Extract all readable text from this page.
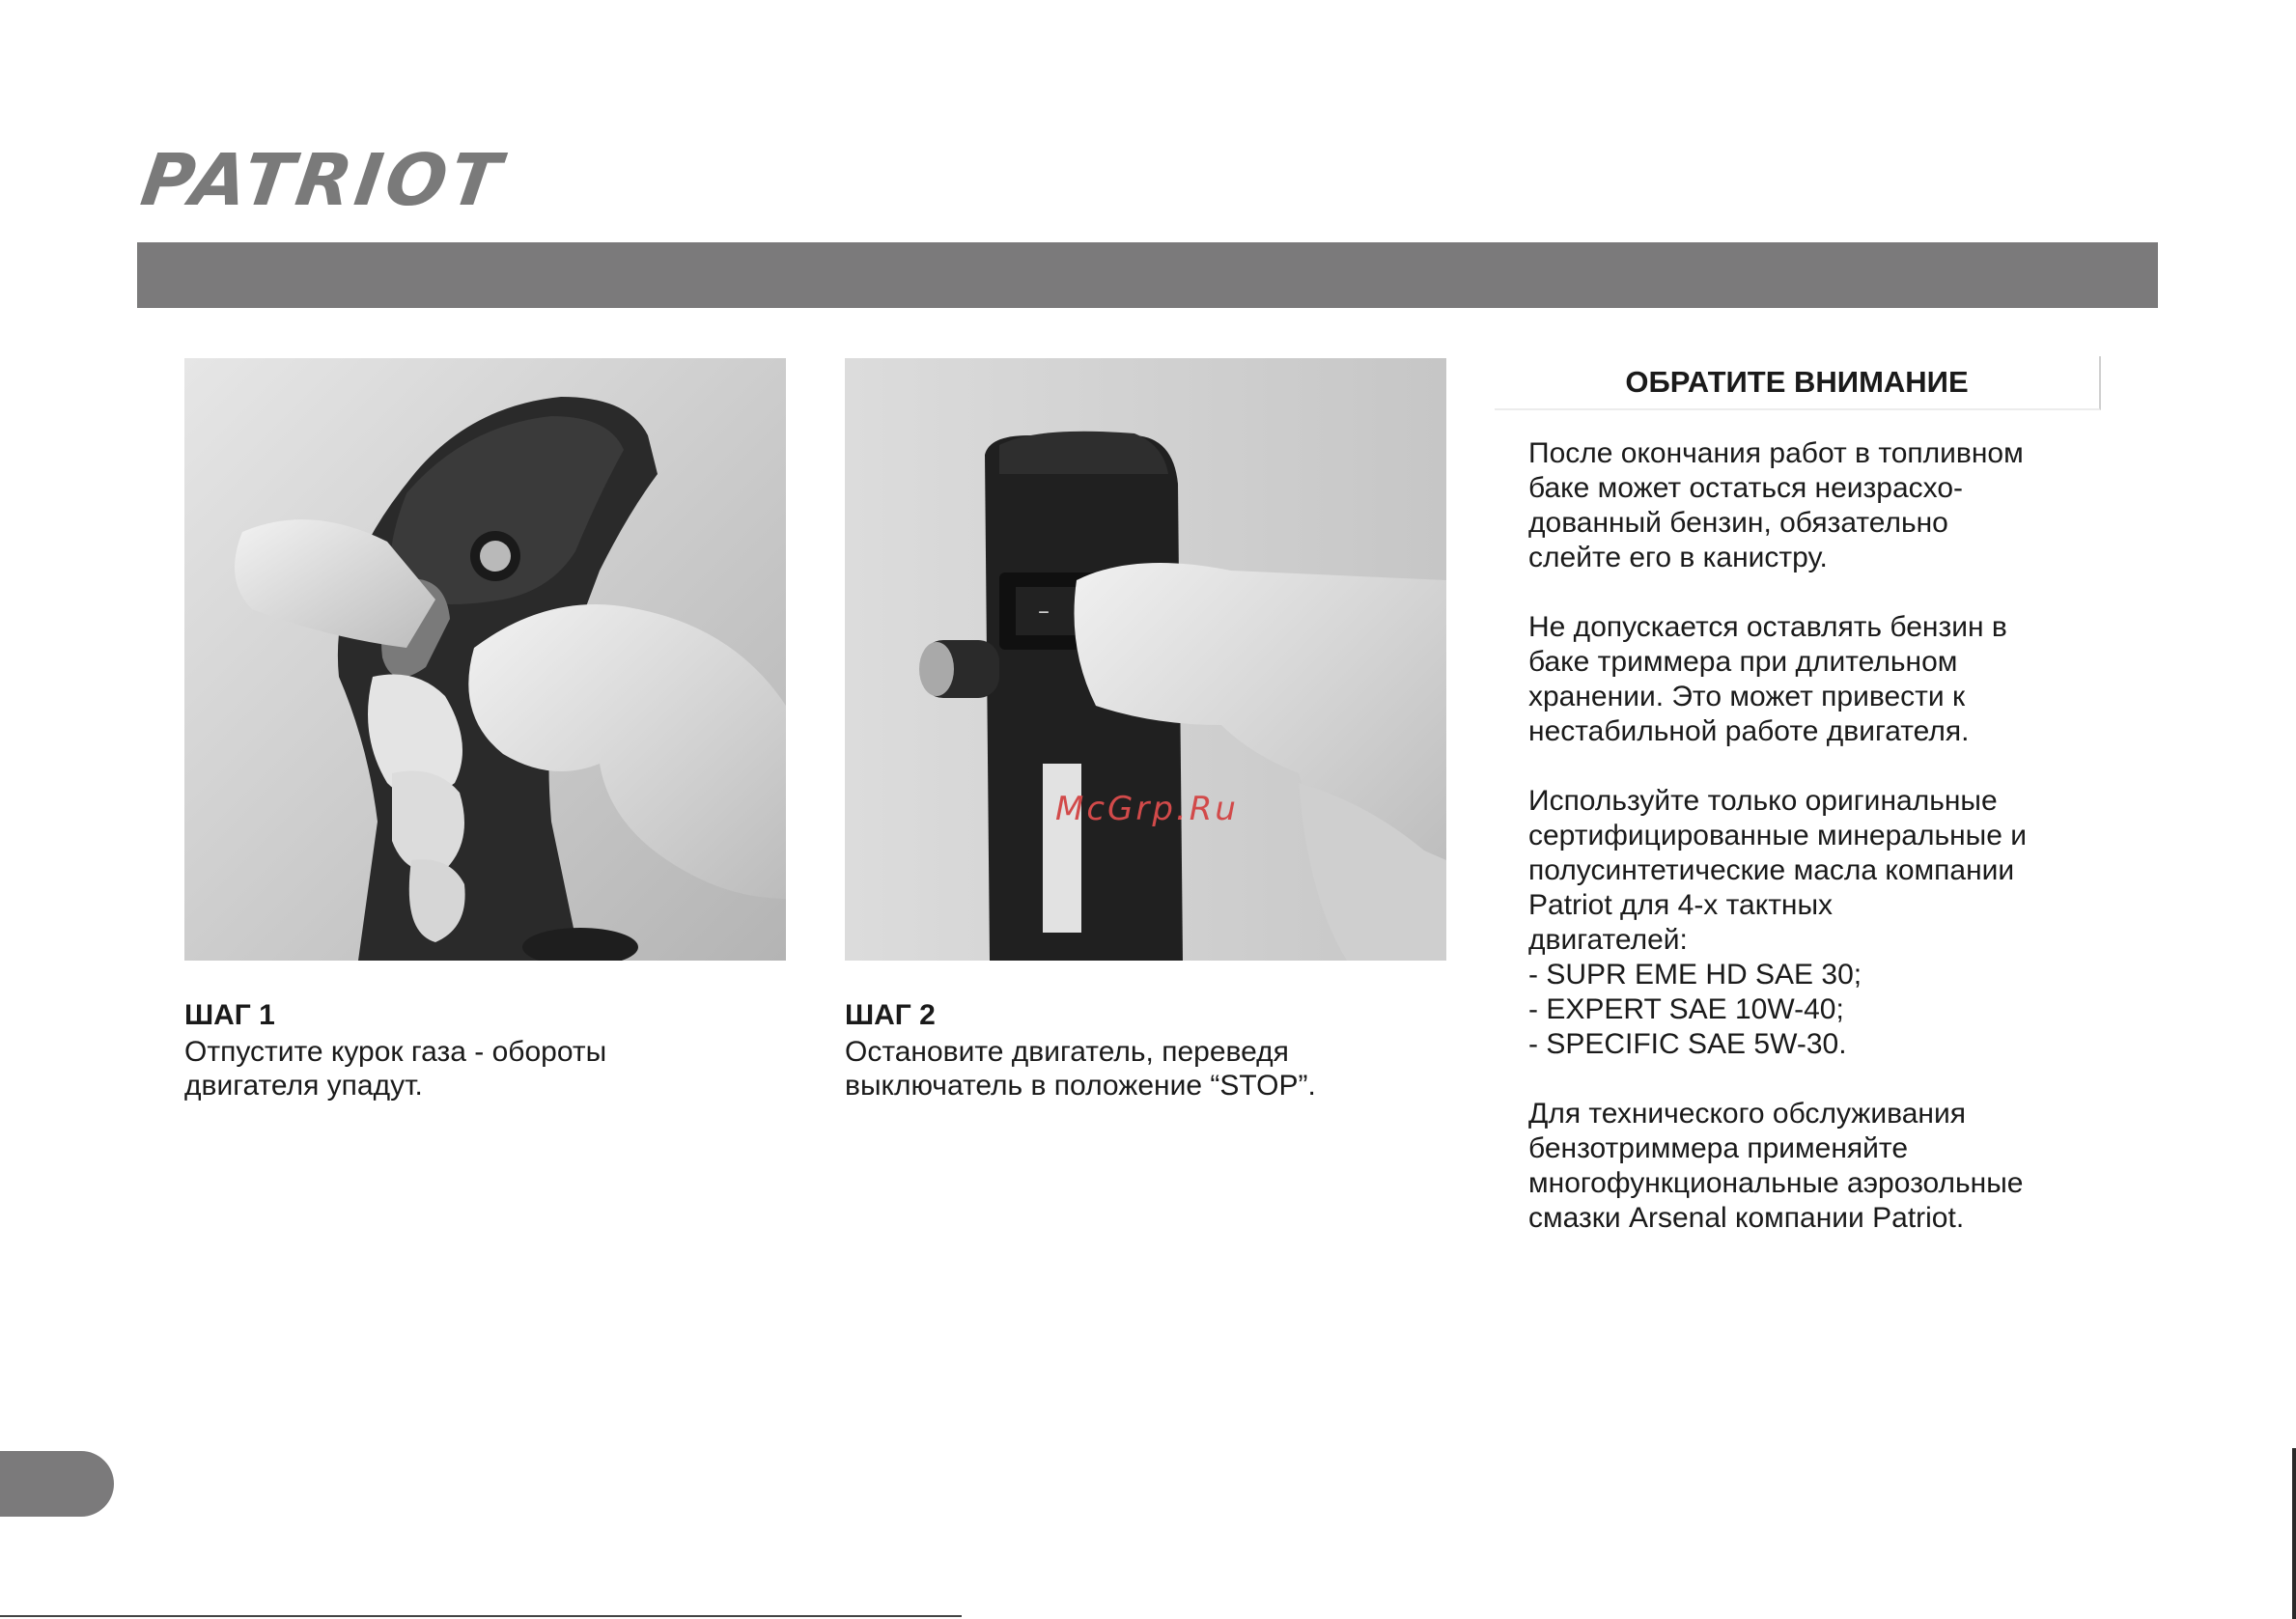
PATRIOT
–
McGrp.Ru
ШАГ 1
Отпустите курок газа - обороты
двигателя упадут.
ШАГ 2
Остановите двигатель, переведя
выключатель в положение “STOP”.
ОБРАТИТЕ ВНИМАНИЕ

После окончания работ в топливном
баке может остаться неизрасхо-
дованный бензин, обязательно
слейте его в канистру.

Не допускается оставлять бензин в
баке триммера при длительном
хранении. Это может привести к
нестабильной работе двигателя.

Используйте только оригинальные
сертифицированные минеральные и
полусинтетические масла компании
Patriot для 4-х тактных
двигателей:
- SUPR EME HD SAE 30;
- EXPERT SAE 10W-40;
- SPECIFIC SAE 5W-30.

Для технического обслуживания
бензотриммера применяйте
многофункциональные аэрозольные
смазки Arsenal компании Patriot.
